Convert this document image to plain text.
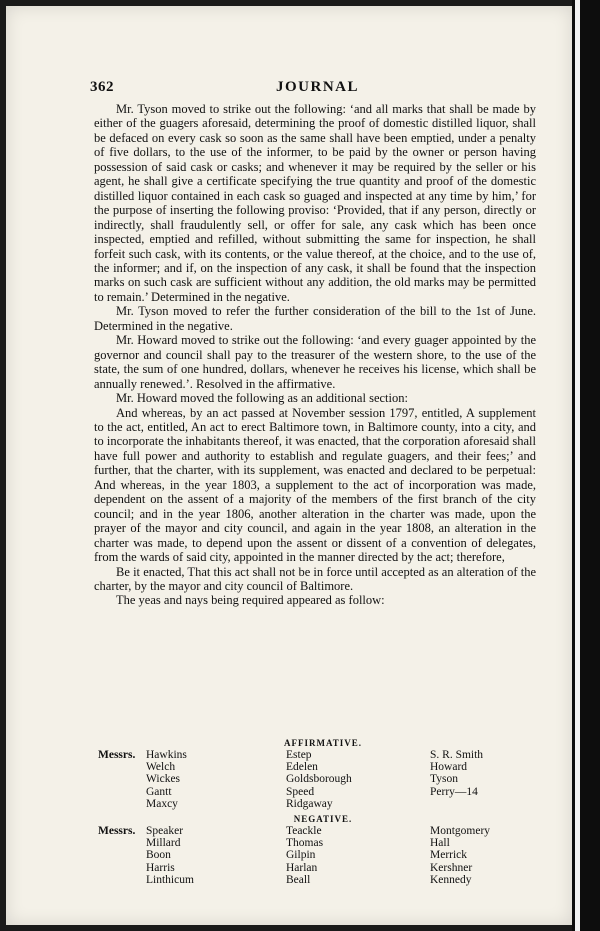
362	JOURNAL

Mr. Tyson moved to strike out the following: ‘and all marks that shall be made by either of the guagers aforesaid, determining the proof of domestic distilled liquor, shall be defaced on every cask so soon as the same shall have been emptied, under a penalty of five dollars, to the use of the informer, to be paid by the owner or person having possession of said cask or casks; and whenever it may be required by the seller or his agent, he shall give a certificate specifying the true quantity and proof of the domestic distilled liquor contained in each cask so guaged and inspected at any time by him,’ for the purpose of inserting the following proviso: ‘Provided, that if any person, directly or indirectly, shall fraudulently sell, or offer for sale, any cask which has been once inspected, emptied and refilled, without submitting the same for inspection, he shall forfeit such cask, with its contents, or the value thereof, at the choice, and to the use of, the informer; and if, on the inspection of any cask, it shall be found that the inspection marks on such cask are sufficient without any addition, the old marks may be permitted to remain.’ Determined in the negative.

Mr. Tyson moved to refer the further consideration of the bill to the 1st of June. Determined in the negative.

Mr. Howard moved to strike out the following: ‘and every guager appointed by the governor and council shall pay to the treasurer of the western shore, to the use of the state, the sum of one hundred, dollars, whenever he receives his license, which shall be annually renewed.’. Resolved in the affirmative.

Mr. Howard moved the following as an additional section:

And whereas, by an act passed at November session 1797, entitled, A supplement to the act, entitled, An act to erect Baltimore town, in Baltimore county, into a city, and to incorporate the inhabitants thereof, it was enacted, that the corporation aforesaid shall have full power and authority to establish and regulate guagers, and their fees;’ and further, that the charter, with its supplement, was enacted and declared to be perpetual: And whereas, in the year 1803, a supplement to the act of incorporation was made, dependent on the assent of a majority of the members of the first branch of the city council; and in the year 1806, another alteration in the charter was made, upon the prayer of the mayor and city council, and again in the year 1808, an alteration in the charter was made, to depend upon the assent or dissent of a convention of delegates, from the wards of said city, appointed in the manner directed by the act; therefore,

Be it enacted, That this act shall not be in force until accepted as an alteration of the charter, by the mayor and city council of Baltimore.

The yeas and nays being required appeared as follow:

AFFIRMATIVE.
Messrs. Hawkins
Welch
Wickes
Gantt
Maxcy
Estep
Edelen
Goldsborough
Speed
Ridgaway
S. R. Smith
Howard
Tyson
Perry—14
NEGATIVE.
Messrs. Speaker
Millard
Boon
Harris
Linthicum
Teackle
Thomas
Gilpin
Harlan
Beall
Montgomery
Hall
Merrick
Kershner
Kennedy
